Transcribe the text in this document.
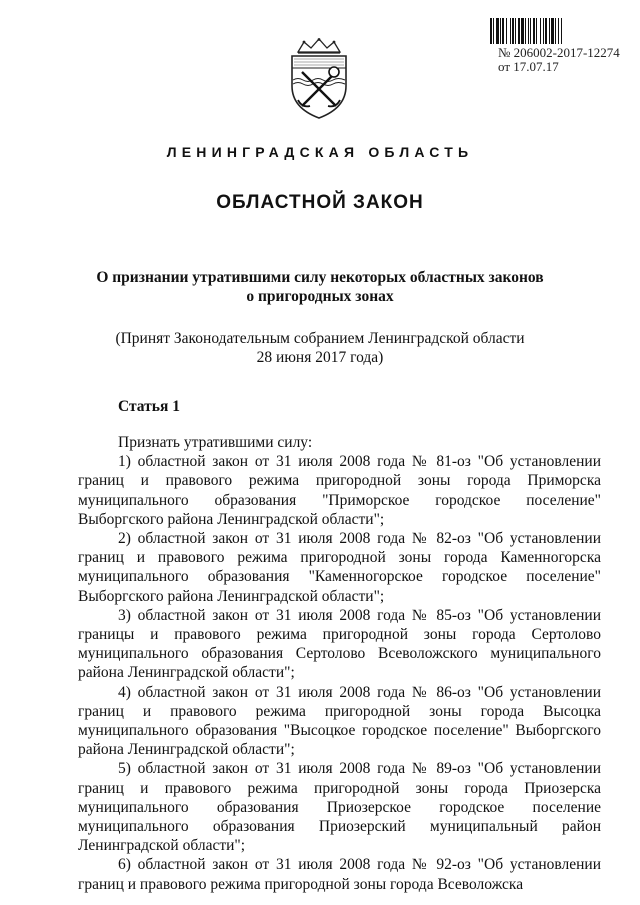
№ 206002-2017-12274
от 17.07.17
ЛЕНИНГРАДСКАЯ ОБЛАСТЬ
ОБЛАСТНОЙ ЗАКОН
О признании утратившими силу некоторых областных законов
о пригородных зонах
(Принят Законодательным собранием Ленинградской области
28 июня 2017 года)
Статья 1

Признать утратившими силу:

1) областной закон от 31 июля 2008 года № 81-оз "Об установлении границ и правового режима пригородной зоны города Приморска муниципального образования "Приморское городское поселение" Выборгского района Ленинградской области";

2) областной закон от 31 июля 2008 года № 82-оз "Об установлении границ и правового режима пригородной зоны города Каменногорска муниципального образования "Каменногорское городское поселение" Выборгского района Ленинградской области";

3) областной закон от 31 июля 2008 года № 85-оз "Об установлении границы и правового режима пригородной зоны города Сертолово муниципального образования Сертолово Всеволожского муниципального района Ленинградской области";

4) областной закон от 31 июля 2008 года № 86-оз "Об установлении границ и правового режима пригородной зоны города Высоцка муниципального образования "Высоцкое городское поселение" Выборгского района Ленинградской области";

5) областной закон от 31 июля 2008 года № 89-оз "Об установлении границ и правового режима пригородной зоны города Приозерска муниципального образования Приозерское городское поселение муниципального образования Приозерский муниципальный район Ленинградской области";

6) областной закон от 31 июля 2008 года № 92-оз "Об установлении границ и правового режима пригородной зоны города Всеволожска
